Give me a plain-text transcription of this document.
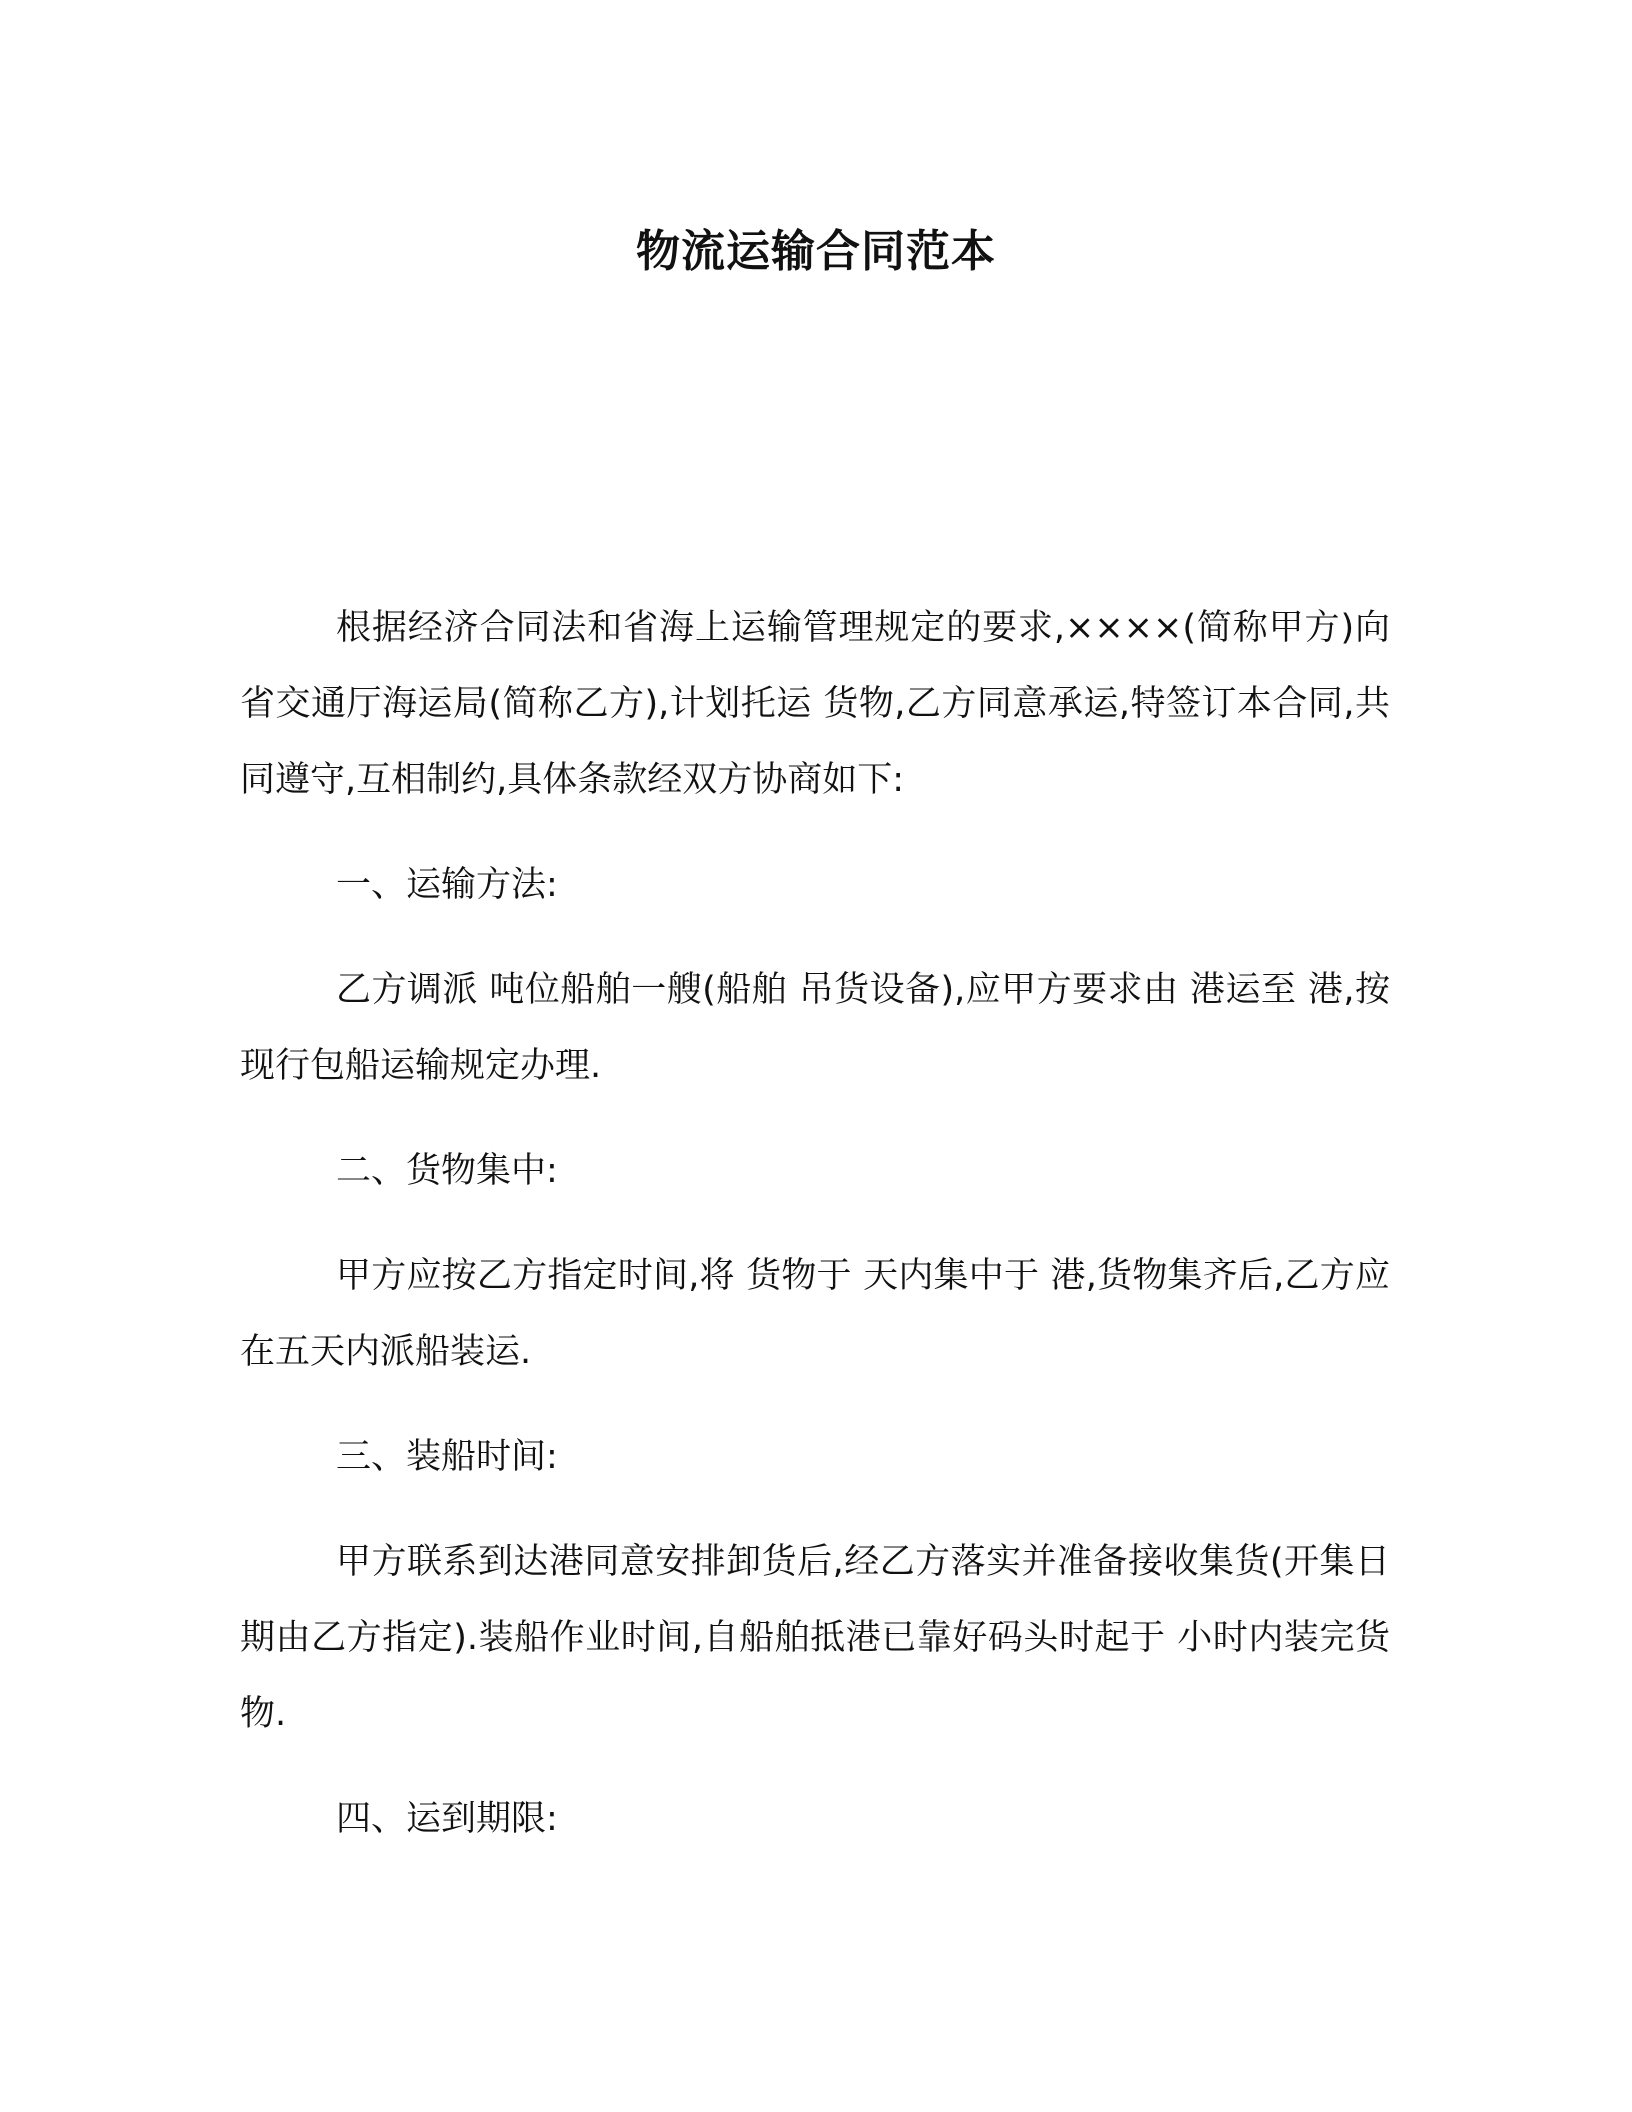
物流运输合同范本

根据经济合同法和省海上运输管理规定的要求,××××(简称甲方)向省交通厅海运局(简称乙方),计划托运 货物,乙方同意承运,特签订本合同,共同遵守,互相制约,具体条款经双方协商如下:

一、运输方法:

乙方调派 吨位船舶一艘(船舶 吊货设备),应甲方要求由 港运至 港,按现行包船运输规定办理.

二、货物集中:

甲方应按乙方指定时间,将 货物于 天内集中于 港,货物集齐后,乙方应在五天内派船装运.

三、装船时间:

甲方联系到达港同意安排卸货后,经乙方落实并准备接收集货(开集日期由乙方指定).装船作业时间,自船舶抵港已靠好码头时起于 小时内装完货物.

四、运到期限:
